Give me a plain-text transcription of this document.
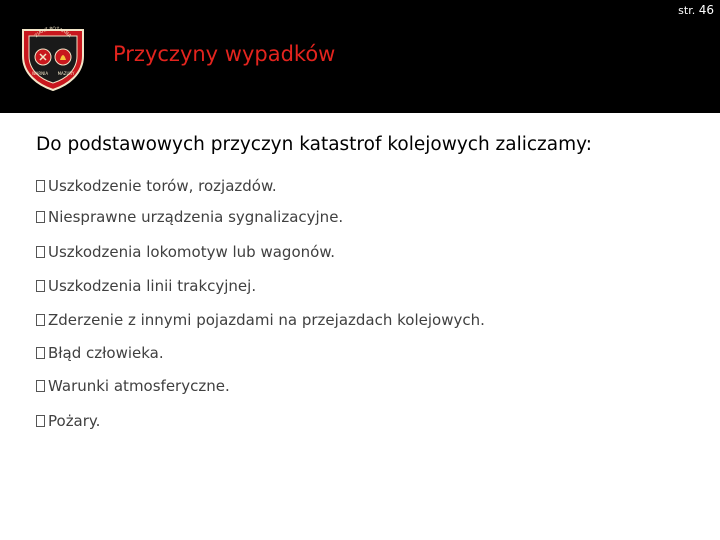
str. 46
ZIARZ POŻARNA
WARNIA MAZURY
Przyczyny wypadków
Do podstawowych przyczyn katastrof kolejowych zaliczamy:
Uszkodzenie torów, rozjazdów.
Niesprawne urządzenia sygnalizacyjne.
Uszkodzenia lokomotyw lub wagonów.
Uszkodzenia linii trakcyjnej.
Zderzenie z innymi pojazdami na przejazdach kolejowych.
Błąd człowieka.
Warunki atmosferyczne.
Pożary.
